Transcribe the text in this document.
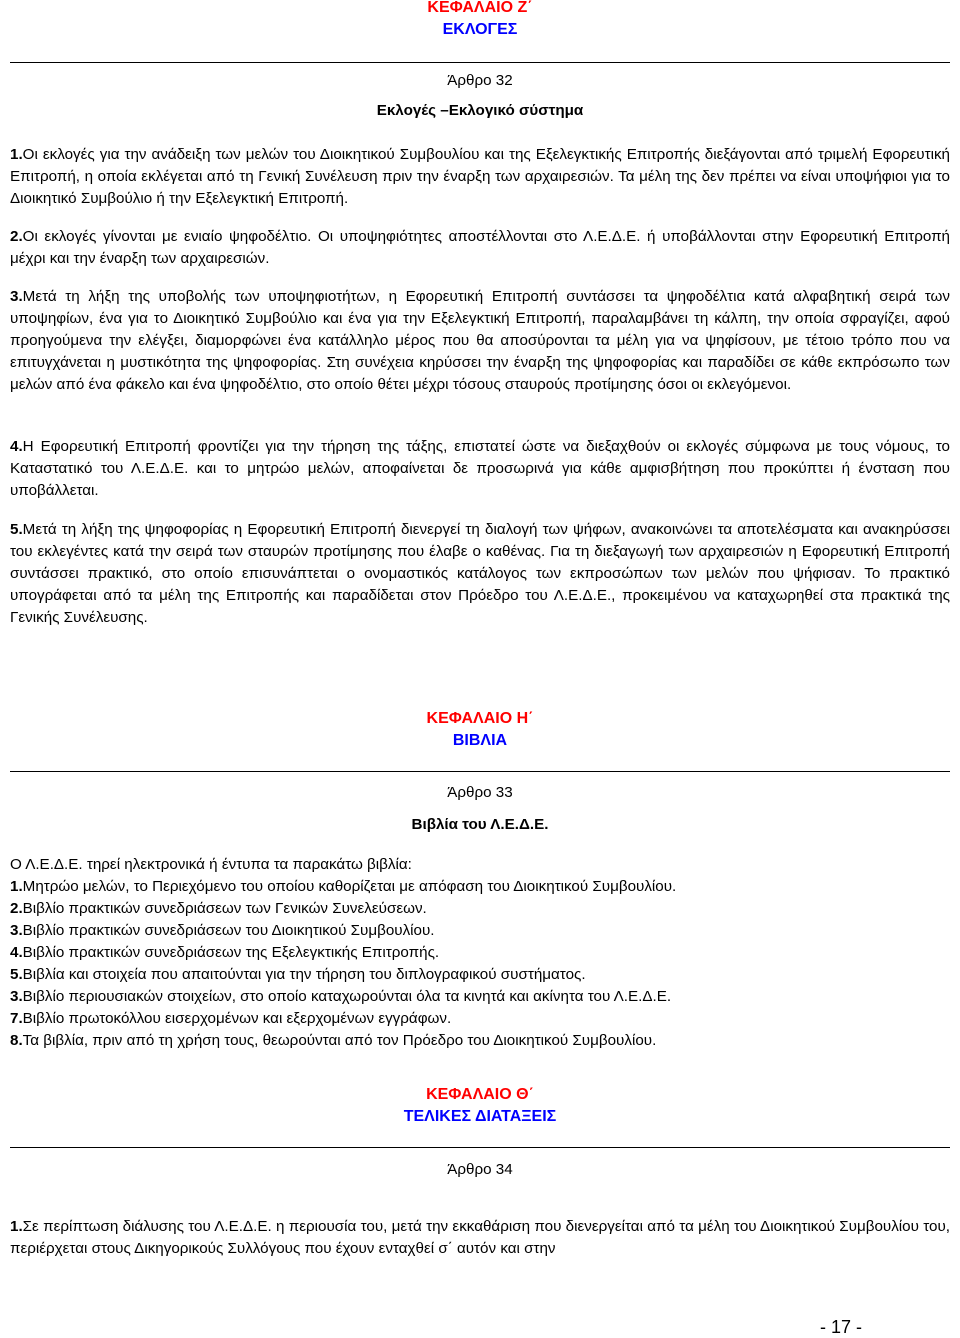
ΚΕΦΑΛΑΙΟ Ζ΄
ΕΚΛΟΓΕΣ
Άρθρο 32
Εκλογές –Εκλογικό σύστημα
1.Οι εκλογές για την ανάδειξη των μελών του Διοικητικού Συμβουλίου και της Εξελεγκτικής Επιτροπής διεξάγονται από τριμελή Εφορευτική Επιτροπή, η οποία εκλέγεται από τη Γενική Συνέλευση πριν την έναρξη των αρχαιρεσιών. Τα μέλη της δεν πρέπει να είναι υποψήφιοι για το Διοικητικό Συμβούλιο ή την Εξελεγκτική Επιτροπή.
2.Οι εκλογές γίνονται με ενιαίο ψηφοδέλτιο. Οι υποψηφιότητες αποστέλλονται στο Λ.Ε.Δ.Ε. ή υποβάλλονται στην Εφορευτική Επιτροπή μέχρι και την έναρξη των αρχαιρεσιών.
3.Μετά τη λήξη της υποβολής των υποψηφιοτήτων, η Εφορευτική Επιτροπή συντάσσει τα ψηφοδέλτια κατά αλφαβητική σειρά των υποψηφίων, ένα για το Διοικητικό Συμβούλιο και ένα για την Εξελεγκτική Επιτροπή, παραλαμβάνει τη κάλπη, την οποία σφραγίζει, αφού προηγούμενα την ελέγξει, διαμορφώνει ένα κατάλληλο μέρος που θα αποσύρονται τα μέλη για να ψηφίσουν, με τέτοιο τρόπο που να επιτυγχάνεται η μυστικότητα της ψηφοφορίας. Στη συνέχεια κηρύσσει την έναρξη της ψηφοφορίας και παραδίδει σε κάθε εκπρόσωπο των μελών από ένα φάκελο και ένα ψηφοδέλτιο, στο οποίο θέτει μέχρι τόσους σταυρούς προτίμησης όσοι οι εκλεγόμενοι.
4.Η Εφορευτική Επιτροπή φροντίζει για την τήρηση της τάξης, επιστατεί ώστε να διεξαχθούν οι εκλογές σύμφωνα με τους νόμους, το Καταστατικό του Λ.Ε.Δ.Ε. και το μητρώο μελών, αποφαίνεται δε προσωρινά για κάθε αμφισβήτηση που προκύπτει ή ένσταση που υποβάλλεται.
5.Μετά τη λήξη της ψηφοφορίας η Εφορευτική Επιτροπή διενεργεί τη διαλογή των ψήφων, ανακοινώνει τα αποτελέσματα και ανακηρύσσει του εκλεγέντες κατά την σειρά των σταυρών προτίμησης που έλαβε ο καθένας. Για τη διεξαγωγή των αρχαιρεσιών η Εφορευτική Επιτροπή συντάσσει πρακτικό, στο οποίο επισυνάπτεται ο ονομαστικός κατάλογος των εκπροσώπων των μελών που ψήφισαν. Το πρακτικό υπογράφεται από τα μέλη της Επιτροπής και παραδίδεται στον Πρόεδρο του Λ.Ε.Δ.Ε., προκειμένου να καταχωρηθεί στα πρακτικά της Γενικής Συνέλευσης.
ΚΕΦΑΛΑΙΟ Η΄
ΒΙΒΛΙΑ
Άρθρο 33
Βιβλία του Λ.Ε.Δ.Ε.
Ο Λ.Ε.Δ.Ε. τηρεί ηλεκτρονικά ή έντυπα τα παρακάτω βιβλία:
1.Μητρώο μελών, το Περιεχόμενο του οποίου καθορίζεται με απόφαση του Διοικητικού Συμβουλίου.
2.Βιβλίο πρακτικών συνεδριάσεων των Γενικών Συνελεύσεων.
3.Βιβλίο πρακτικών συνεδριάσεων του Διοικητικού Συμβουλίου.
4.Βιβλίο πρακτικών συνεδριάσεων της Εξελεγκτικής Επιτροπής.
5.Βιβλία και στοιχεία που απαιτούνται για την τήρηση του διπλογραφικού συστήματος.
3.Βιβλίο περιουσιακών στοιχείων, στο οποίο καταχωρούνται όλα τα κινητά και ακίνητα του Λ.Ε.Δ.Ε.
7.Βιβλίο πρωτοκόλλου εισερχομένων και εξερχομένων εγγράφων.
8.Τα βιβλία, πριν από τη χρήση τους, θεωρούνται από τον Πρόεδρο του Διοικητικού Συμβουλίου.
ΚΕΦΑΛΑΙΟ Θ΄
ΤΕΛΙΚΕΣ ΔΙΑΤΑΞΕΙΣ
Άρθρο 34
1.Σε περίπτωση διάλυσης του Λ.Ε.Δ.Ε. η περιουσία του, μετά την εκκαθάριση που διενεργείται από τα μέλη του Διοικητικού Συμβουλίου του, περιέρχεται στους Δικηγορικούς Συλλόγους που έχουν ενταχθεί σ΄ αυτόν και στην
- 17 -
